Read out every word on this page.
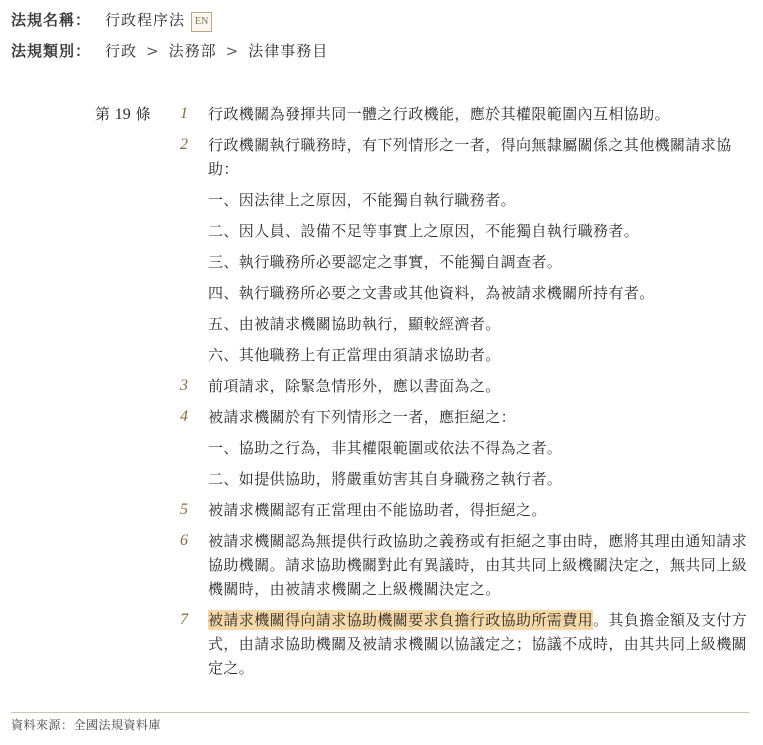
法規名稱： 行政程序法 EN
法規類別： 行政 > 法務部 > 法律事務目
第 19 條 1 行政機關為發揮共同一體之行政機能，應於其權限範圍內互相協助。
2 行政機關執行職務時，有下列情形之一者，得向無隸屬關係之其他機關請求協助：
一、因法律上之原因，不能獨自執行職務者。
二、因人員、設備不足等事實上之原因，不能獨自執行職務者。
三、執行職務所必要認定之事實，不能獨自調查者。
四、執行職務所必要之文書或其他資料，為被請求機關所持有者。
五、由被請求機關協助執行，顯較經濟者。
六、其他職務上有正當理由須請求協助者。
3 前項請求，除緊急情形外，應以書面為之。
4 被請求機關於有下列情形之一者，應拒絕之：
一、協助之行為，非其權限範圍或依法不得為之者。
二、如提供協助，將嚴重妨害其自身職務之執行者。
5 被請求機關認有正當理由不能協助者，得拒絕之。
6 被請求機關認為無提供行政協助之義務或有拒絕之事由時，應將其理由通知請求協助機關。請求協助機關對此有異議時，由其共同上級機關決定之，無共同上級機關時，由被請求機關之上級機關決定之。
7 被請求機關得向請求協助機關要求負擔行政協助所需費用。其負擔金額及支付方式，由請求協助機關及被請求機關以協議定之；協議不成時，由其共同上級機關定之。
資料來源：全國法規資料庫
